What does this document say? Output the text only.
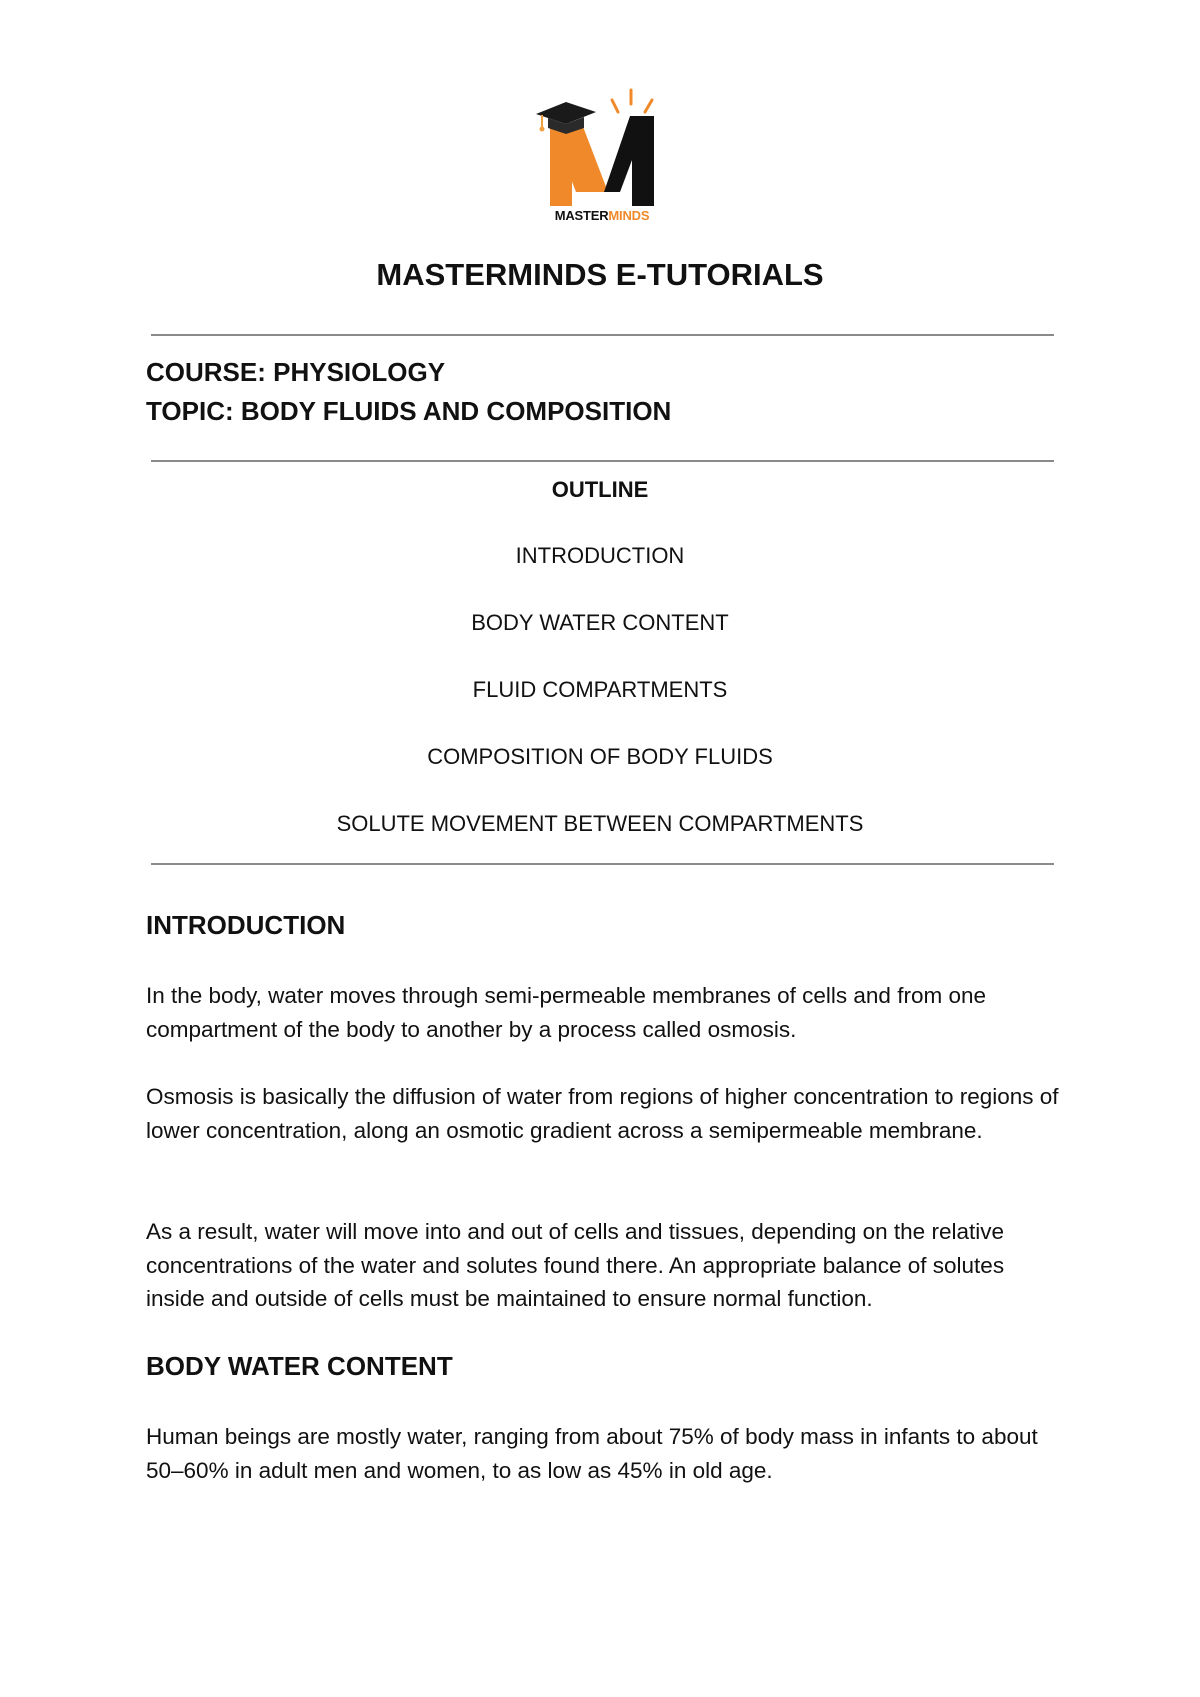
MASTERMINDS
MASTERMINDS E-TUTORIALS
COURSE: PHYSIOLOGY
TOPIC: BODY FLUIDS AND COMPOSITION
OUTLINE
INTRODUCTION
BODY WATER CONTENT
FLUID COMPARTMENTS
COMPOSITION OF BODY FLUIDS
SOLUTE MOVEMENT BETWEEN COMPARTMENTS
INTRODUCTION

In the body, water moves through semi-permeable membranes of cells and from one compartment of the body to another by a process called osmosis.

Osmosis is basically the diffusion of water from regions of higher concentration to regions of lower concentration, along an osmotic gradient across a semipermeable membrane.

As a result, water will move into and out of cells and tissues, depending on the relative concentrations of the water and solutes found there. An appropriate balance of solutes inside and outside of cells must be maintained to ensure normal function.

BODY WATER CONTENT

Human beings are mostly water, ranging from about 75% of body mass in infants to about 50–60% in adult men and women, to as low as 45% in old age.
